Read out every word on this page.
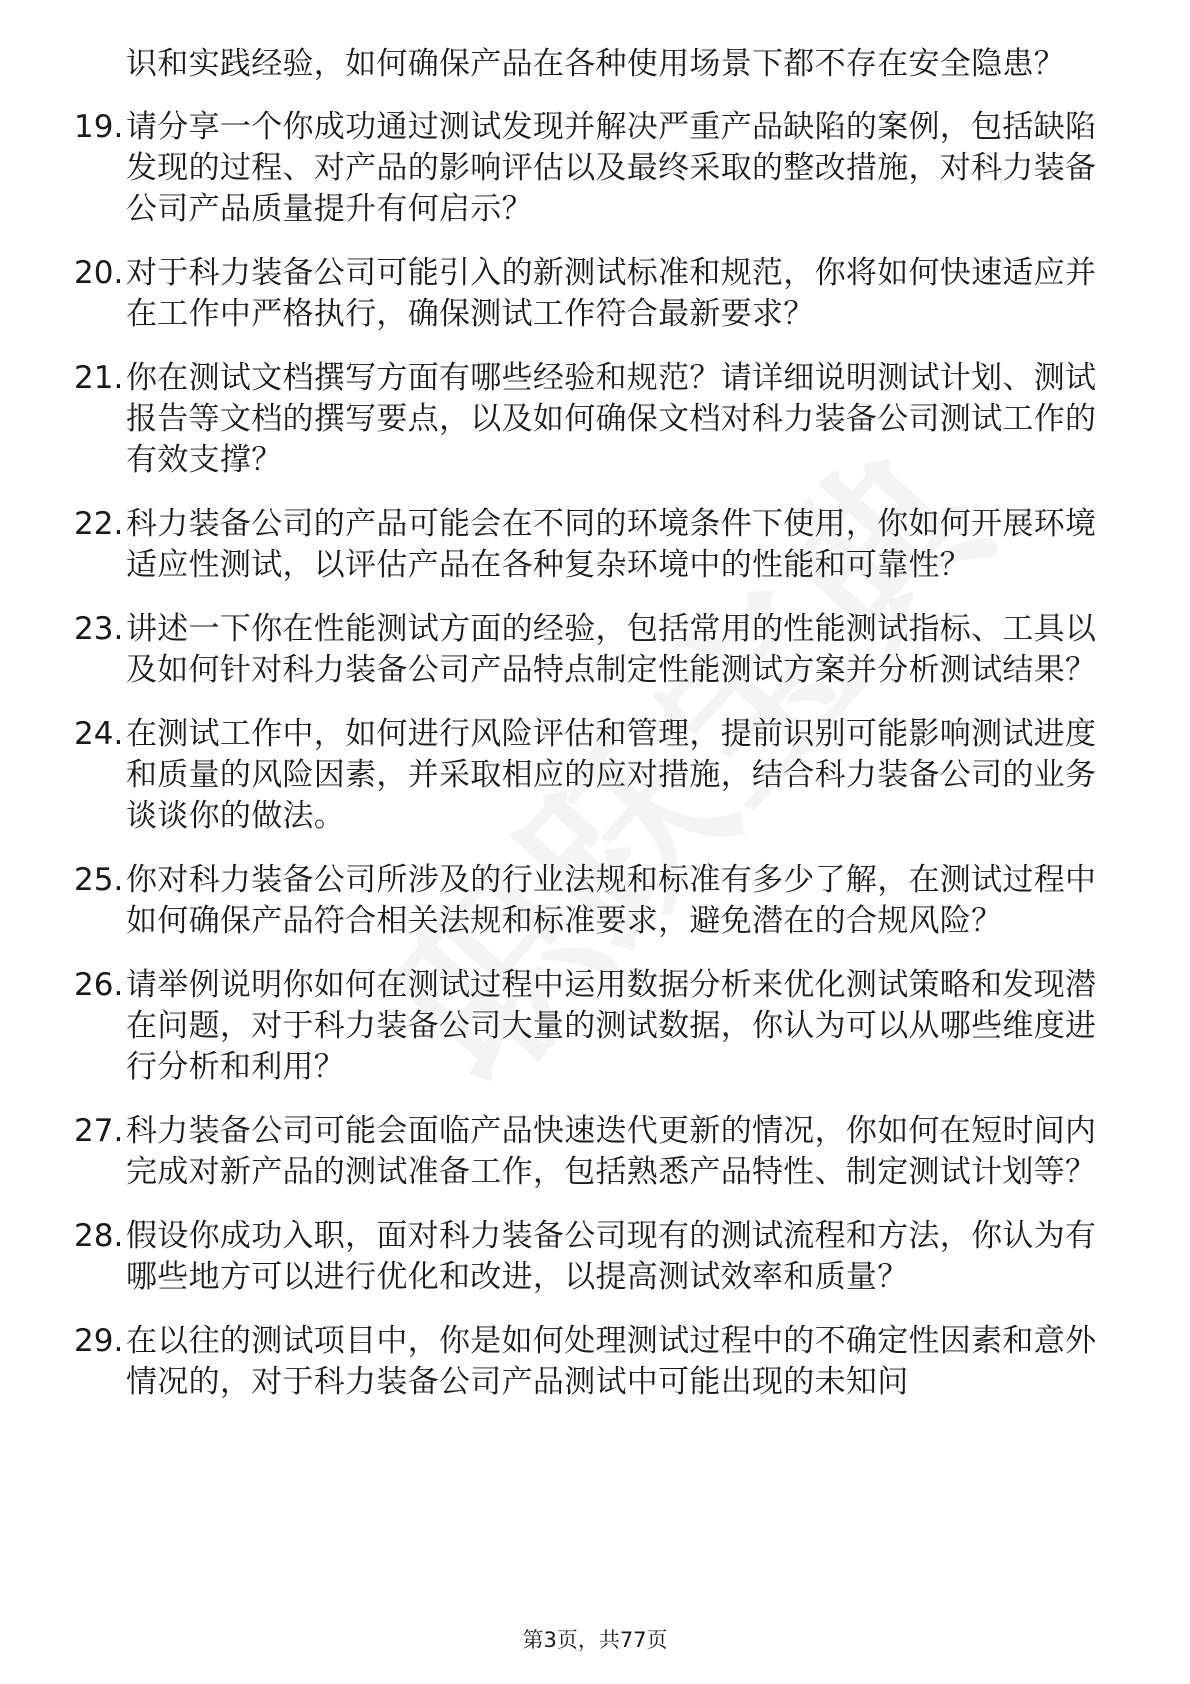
识和实践经验，如何确保产品在各种使用场景下都不存在安全隐患？
19. 请分享一个你成功通过测试发现并解决严重产品缺陷的案例，包括缺陷发现的过程、对产品的影响评估以及最终采取的整改措施，对科力装备公司产品质量提升有何启示？
20. 对于科力装备公司可能引入的新测试标准和规范，你将如何快速适应并在工作中严格执行，确保测试工作符合最新要求？
21. 你在测试文档撰写方面有哪些经验和规范？请详细说明测试计划、测试报告等文档的撰写要点，以及如何确保文档对科力装备公司测试工作的有效支撑？
22. 科力装备公司的产品可能会在不同的环境条件下使用，你如何开展环境适应性测试，以评估产品在各种复杂环境中的性能和可靠性？
23. 讲述一下你在性能测试方面的经验，包括常用的性能测试指标、工具以及如何针对科力装备公司产品特点制定性能测试方案并分析测试结果？
24. 在测试工作中，如何进行风险评估和管理，提前识别可能影响测试进度和质量的风险因素，并采取相应的应对措施，结合科力装备公司的业务谈谈你的做法。
25. 你对科力装备公司所涉及的行业法规和标准有多少了解，在测试过程中如何确保产品符合相关法规和标准要求，避免潜在的合规风险？
26. 请举例说明你如何在测试过程中运用数据分析来优化测试策略和发现潜在问题，对于科力装备公司大量的测试数据，你认为可以从哪些维度进行分析和利用？
27. 科力装备公司可能会面临产品快速迭代更新的情况，你如何在短时间内完成对新产品的测试准备工作，包括熟悉产品特性、制定测试计划等？
28. 假设你成功入职，面对科力装备公司现有的测试流程和方法，你认为有哪些地方可以进行优化和改进，以提高测试效率和质量？
29. 在以往的测试项目中，你是如何处理测试过程中的不确定性因素和意外情况的，对于科力装备公司产品测试中可能出现的未知问
第3页，共77页
